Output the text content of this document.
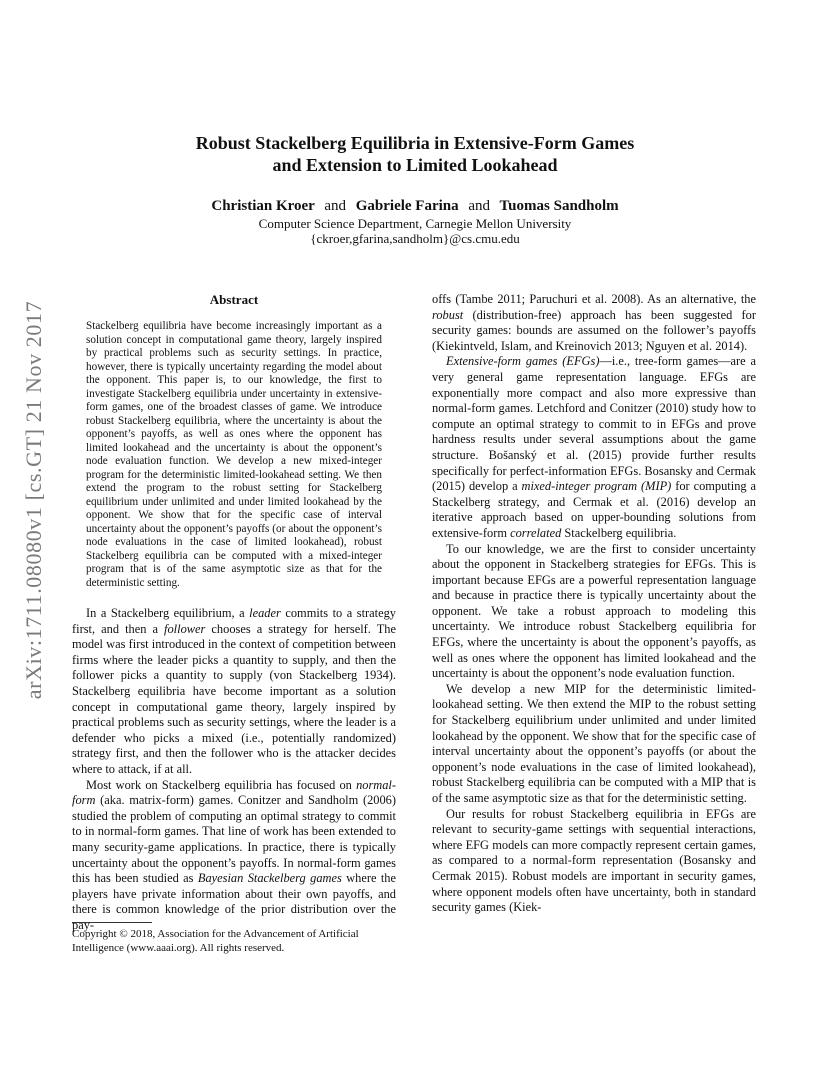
arXiv:1711.08080v1 [cs.GT] 21 Nov 2017

Robust Stackelberg Equilibria in Extensive-Form Games

and Extension to Limited Lookahead

Christian Kroer and Gabriele Farina and Tuomas Sandholm
Computer Science Department, Carnegie Mellon University
{ckroer,gfarina,sandholm}@cs.cmu.edu

Abstract

Stackelberg equilibria have become increasingly important as a solution concept in computational game theory, largely inspired by practical problems such as security settings. In practice, however, there is typically uncertainty regarding the model about the opponent. This paper is, to our knowledge, the first to investigate Stackelberg equilibria under uncertainty in extensive-form games, one of the broadest classes of game. We introduce robust Stackelberg equilibria, where the uncertainty is about the opponent’s payoffs, as well as ones where the opponent has limited lookahead and the uncertainty is about the opponent’s node evaluation function. We develop a new mixed-integer program for the deterministic limited-lookahead setting. We then extend the program to the robust setting for Stackelberg equilibrium under unlimited and under limited lookahead by the opponent. We show that for the specific case of interval uncertainty about the opponent’s payoffs (or about the opponent’s node evaluations in the case of limited lookahead), robust Stackelberg equilibria can be computed with a mixed-integer program that is of the same asymptotic size as that for the deterministic setting.

In a Stackelberg equilibrium, a leader commits to a strategy first, and then a follower chooses a strategy for herself. The model was first introduced in the context of competition between firms where the leader picks a quantity to supply, and then the follower picks a quantity to supply (von Stackelberg 1934). Stackelberg equilibria have become important as a solution concept in computational game theory, largely inspired by practical problems such as security settings, where the leader is a defender who picks a mixed (i.e., potentially randomized) strategy first, and then the follower who is the attacker decides where to attack, if at all.

Most work on Stackelberg equilibria has focused on normal-form (aka. matrix-form) games. Conitzer and Sandholm (2006) studied the problem of computing an optimal strategy to commit to in normal-form games. That line of work has been extended to many security-game applications. In practice, there is typically uncertainty about the opponent’s payoffs. In normal-form games this has been studied as Bayesian Stackelberg games where the players have private information about their own payoffs, and there is common knowledge of the prior distribution over the pay-

Copyright © 2018, Association for the Advancement of Artificial Intelligence (www.aaai.org). All rights reserved.

offs (Tambe 2011; Paruchuri et al. 2008). As an alternative, the robust (distribution-free) approach has been suggested for security games: bounds are assumed on the follower’s payoffs (Kiekintveld, Islam, and Kreinovich 2013; Nguyen et al. 2014).

Extensive-form games (EFGs)—i.e., tree-form games—are a very general game representation language. EFGs are exponentially more compact and also more expressive than normal-form games. Letchford and Conitzer (2010) study how to compute an optimal strategy to commit to in EFGs and prove hardness results under several assumptions about the game structure. Bošanský et al. (2015) provide further results specifically for perfect-information EFGs. Bosansky and Cermak (2015) develop a mixed-integer program (MIP) for computing a Stackelberg strategy, and Cermak et al. (2016) develop an iterative approach based on upper-bounding solutions from extensive-form correlated Stackelberg equilibria.

To our knowledge, we are the first to consider uncertainty about the opponent in Stackelberg strategies for EFGs. This is important because EFGs are a powerful representation language and because in practice there is typically uncertainty about the opponent. We take a robust approach to modeling this uncertainty. We introduce robust Stackelberg equilibria for EFGs, where the uncertainty is about the opponent’s payoffs, as well as ones where the opponent has limited lookahead and the uncertainty is about the opponent’s node evaluation function.

We develop a new MIP for the deterministic limited-lookahead setting. We then extend the MIP to the robust setting for Stackelberg equilibrium under unlimited and under limited lookahead by the opponent. We show that for the specific case of interval uncertainty about the opponent’s payoffs (or about the opponent’s node evaluations in the case of limited lookahead), robust Stackelberg equilibria can be computed with a MIP that is of the same asymptotic size as that for the deterministic setting.

Our results for robust Stackelberg equilibria in EFGs are relevant to security-game settings with sequential interactions, where EFG models can more compactly represent certain games, as compared to a normal-form representation (Bosansky and Cermak 2015). Robust models are important in security games, where opponent models often have uncertainty, both in standard security games (Kiek-
